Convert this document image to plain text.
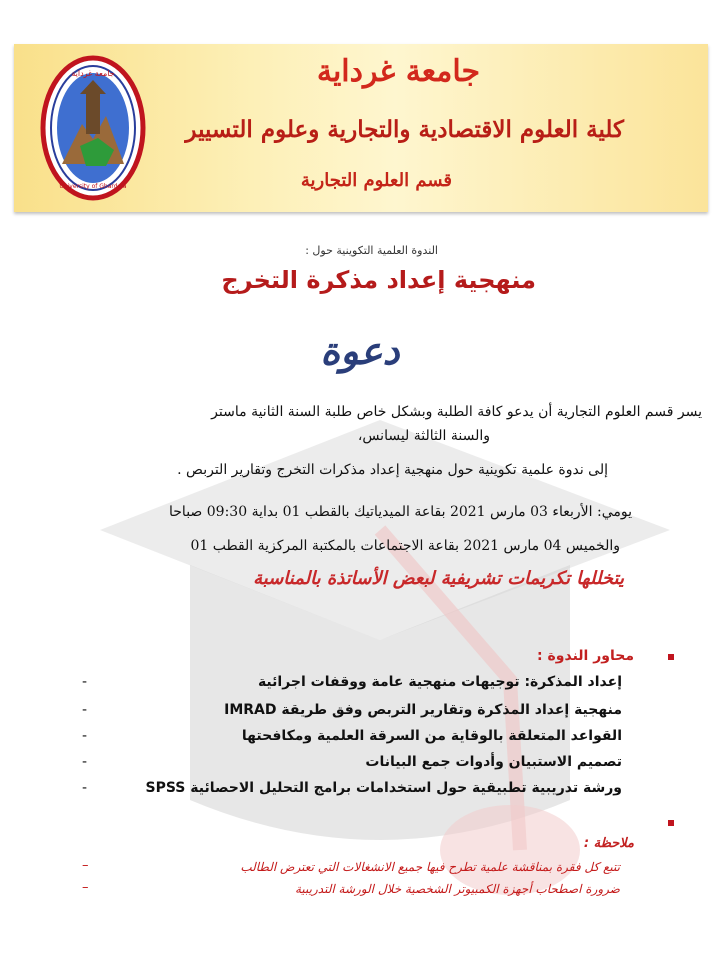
جامعة غرداية
University of Ghardaia
جامعة غرداية
كلية العلوم الاقتصادية والتجارية وعلوم التسيير
قسم العلوم التجارية
الندوة العلمية التكوينية حول :
منهجية إعداد مذكرة التخرج
دعوة
يسر قسم العلوم التجارية أن يدعو كافة الطلبة وبشكل خاص طلبة السنة الثانية ماستر
والسنة الثالثة ليسانس،
إلى ندوة علمية تكوينية حول منهجية إعداد مذكرات التخرج وتقارير التربص .
يومي: الأربعاء 03 مارس 2021 بقاعة الميدياتيك بالقطب 01 بداية 09:30 صباحا
والخميس 04 مارس 2021 بقاعة الاجتماعات بالمكتبة المركزية القطب 01
يتخللها تكريمات تشريفية لبعض الأساتذة بالمناسبة
محاور الندوة :
-	إعداد المذكرة: توجيهات منهجية عامة ووقفات اجرائية
-	منهجية إعداد المذكرة وتقارير التربص وفق طريقة IMRAD
-	القواعد المتعلقة بالوقاية من السرقة العلمية ومكافحتها
-	تصميم الاستبيان وأدوات جمع البيانات
-	ورشة تدريبية تطبيقية حول استخدامات برامج التحليل الاحصائية SPSS
ملاحظة :
–	تتبع كل فقرة بمناقشة علمية تطرح فيها جميع الانشغالات التي تعترض الطالب
–	ضرورة اصطحاب أجهزة الكمبيوتر الشخصية خلال الورشة التدريبية
